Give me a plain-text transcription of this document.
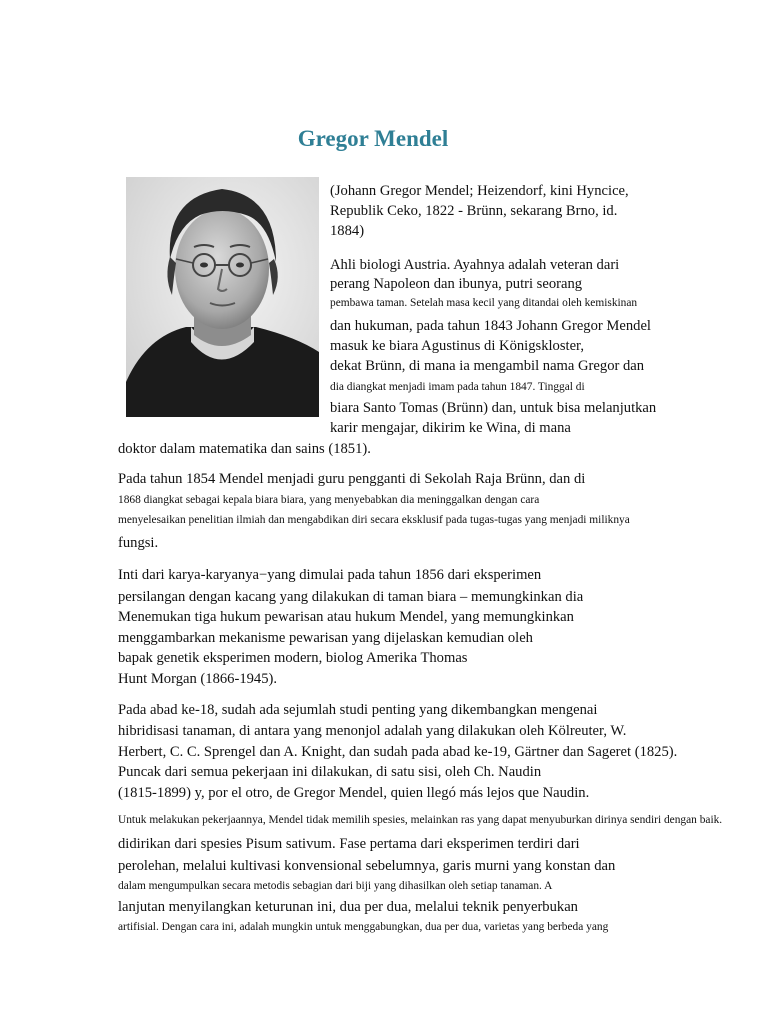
Gregor Mendel
(Johann Gregor Mendel; Heizendorf, kini Hyncice,
Republik Ceko, 1822 - Brünn, sekarang Brno, id.
1884)
Ahli biologi Austria. Ayahnya adalah veteran dari
perang Napoleon dan ibunya, putri seorang
pembawa taman. Setelah masa kecil yang ditandai oleh kemiskinan
dan hukuman, pada tahun 1843 Johann Gregor Mendel
masuk ke biara Agustinus di Königskloster,
dekat Brünn, di mana ia mengambil nama Gregor dan
dia diangkat menjadi imam pada tahun 1847. Tinggal di
biara Santo Tomas (Brünn) dan, untuk bisa melanjutkan
karir mengajar, dikirim ke Wina, di mana
doktor dalam matematika dan sains (1851).
Pada tahun 1854 Mendel menjadi guru pengganti di Sekolah Raja Brünn, dan di
1868 diangkat sebagai kepala biara biara, yang menyebabkan dia meninggalkan dengan cara
menyelesaikan penelitian ilmiah dan mengabdikan diri secara eksklusif pada tugas-tugas yang menjadi miliknya
fungsi.
Inti dari karya-karyanya−yang dimulai pada tahun 1856 dari eksperimen
persilangan dengan kacang yang dilakukan di taman biara – memungkinkan dia
Menemukan tiga hukum pewarisan atau hukum Mendel, yang memungkinkan
menggambarkan mekanisme pewarisan yang dijelaskan kemudian oleh
bapak genetik eksperimen modern, biolog Amerika Thomas
Hunt Morgan (1866-1945).
Pada abad ke-18, sudah ada sejumlah studi penting yang dikembangkan mengenai
hibridisasi tanaman, di antara yang menonjol adalah yang dilakukan oleh Kölreuter, W.
Herbert, C. C. Sprengel dan A. Knight, dan sudah pada abad ke-19, Gärtner dan Sageret (1825).
Puncak dari semua pekerjaan ini dilakukan, di satu sisi, oleh Ch. Naudin
(1815-1899) y, por el otro, de Gregor Mendel, quien llegó más lejos que Naudin.
Untuk melakukan pekerjaannya, Mendel tidak memilih spesies, melainkan ras yang dapat menyuburkan dirinya sendiri dengan baik.
didirikan dari spesies Pisum sativum. Fase pertama dari eksperimen terdiri dari
perolehan, melalui kultivasi konvensional sebelumnya, garis murni yang konstan dan
dalam mengumpulkan secara metodis sebagian dari biji yang dihasilkan oleh setiap tanaman. A
lanjutan menyilangkan keturunan ini, dua per dua, melalui teknik penyerbukan
artifisial. Dengan cara ini, adalah mungkin untuk menggabungkan, dua per dua, varietas yang berbeda yang
